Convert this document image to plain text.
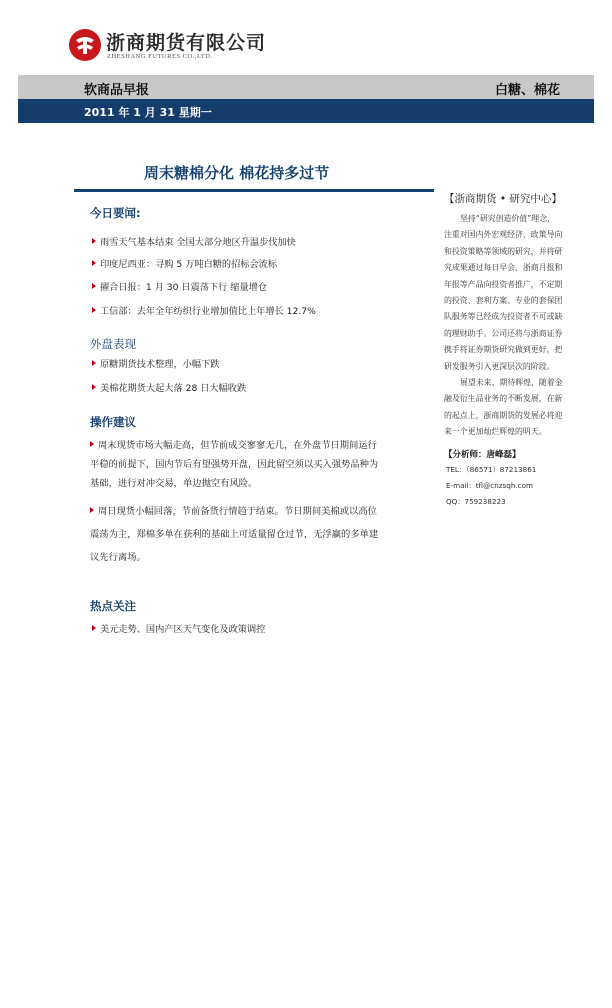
浙商期货有限公司
ZHESHANG FUTURES CO.,LTD.
软商品早报	白糖、棉花
2011 年 1 月 31 星期一
周末糖棉分化 棉花持多过节
今日要闻:
雨雪天气基本结束 全国大部分地区升温步伐加快
印度尼西亚：寻购 5 万吨白糖的招标会流标
擢合日报：1 月 30 日震荡下行 缩量增仓
工信部：去年全年纺织行业增加值比上年增长 12.7%
外盘表现
原糖期货技术整理，小幅下跌
美棉花期货大起大落 28 日大幅收跌
操作建议
周末现货市场大幅走高，但节前成交寥寥无几，在外盘节日期间运行
平稳的前提下，国内节后有望强势开盘，因此留空须以买入强势品种为
基础，进行对冲交易，单边抛空有风险。
周日现货小幅回落，节前备货行情趋于结束。节日期间美棉或以高位
震荡为主，郑棉多单在获利的基础上可适量留仓过节，无浮赢的多单建
议先行离场。
热点关注
美元走势、国内产区天气变化及政策调控
【浙商期货 • 研究中心】
坚持“研究创造价值”理念，
注重对国内外宏观经济、政策导向
和投资策略等领域的研究，并将研
究成果通过每日早会、浙商月报和
年报等产品向投资者推广，不定期
的投资、套利方案、专业的套保团
队服务等已经成为投资者不可或缺
的理财助手。公司还将与浙商证券
携手将证券期货研究做到更好，把
研发服务引入更深层次的阶段。
展望未来、期待辉煌，随着金
融及衍生品业务的不断发展，在新
的起点上，浙商期货的发展必将迎
来一个更加灿烂辉煌的明天。
【分析师：唐峰磊】
TEL：（86571）87213861
E-mail：tfl@cnzsqh.com
QQ：759238223
